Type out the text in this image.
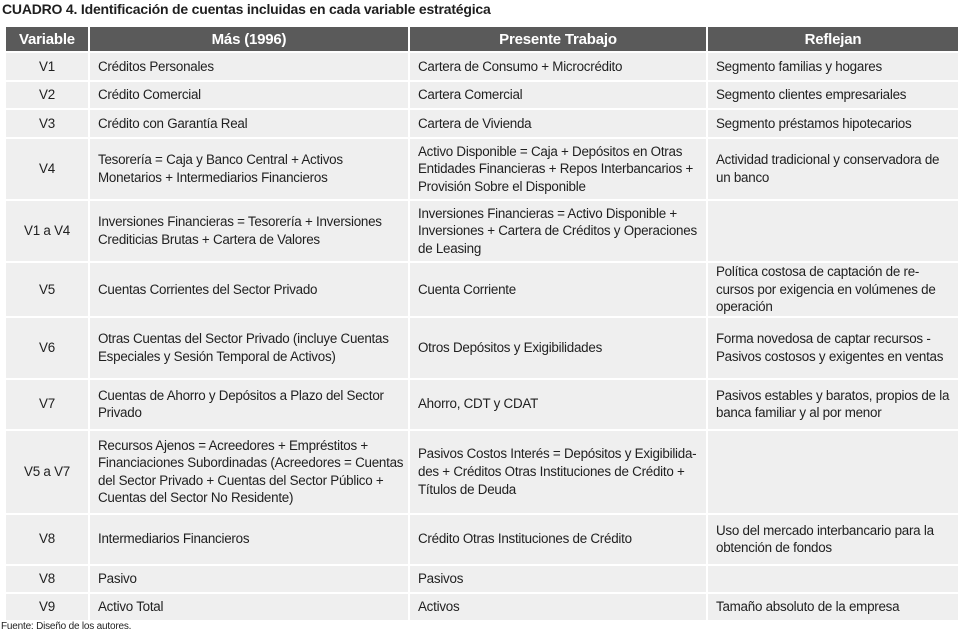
CUADRO 4. Identificación de cuentas incluidas en cada variable estratégica
Variable	Más (1996)	Presente Trabajo	Reflejan
V1	Créditos Personales	Cartera de Consumo + Microcrédito	Segmento familias y hogares
V2	Crédito Comercial	Cartera Comercial	Segmento clientes empresariales
V3	Crédito con Garantía Real	Cartera de Vivienda	Segmento préstamos hipotecarios
V4	Tesorería = Caja y Banco Central + Activos Monetarios + Intermediarios Financieros	Activo Disponible = Caja + Depósitos en Otras Entidades Financieras + Repos Interbancarios + Provisión Sobre el Disponible	Actividad tradicional y conservadora de un banco
V1 a V4	Inversiones Financieras = Tesorería + Inversiones Crediticias Brutas + Cartera de Valores	Inversiones Financieras = Activo Disponible + Inversiones + Cartera de Créditos y Operaciones de Leasing	
V5	Cuentas Corrientes del Sector Privado	Cuenta Corriente	Política costosa de captación de re-cursos por exigencia en volúmenes de operación
V6	Otras Cuentas del Sector Privado (incluye Cuentas Especiales y Sesión Temporal de Activos)	Otros Depósitos y Exigibilidades	Forma novedosa de captar recursos -Pasivos costosos y exigentes en ventas
V7	Cuentas de Ahorro y Depósitos a Plazo del Sector Privado	Ahorro, CDT y CDAT	Pasivos estables y baratos, propios de la banca familiar y al por menor
V5 a V7	Recursos Ajenos = Acreedores + Empréstitos + Financiaciones Subordinadas (Acreedores = Cuentas del Sector Privado + Cuentas del Sector Público + Cuentas del Sector No Residente)	Pasivos Costos Interés = Depósitos y Exigibilida-des + Créditos Otras Instituciones de Crédito + Títulos de Deuda	
V8	Intermediarios Financieros	Crédito Otras Instituciones de Crédito	Uso del mercado interbancario para la obtención de fondos
V8	Pasivo	Pasivos	
V9	Activo Total	Activos	Tamaño absoluto de la empresa
Fuente: Diseño de los autores.
